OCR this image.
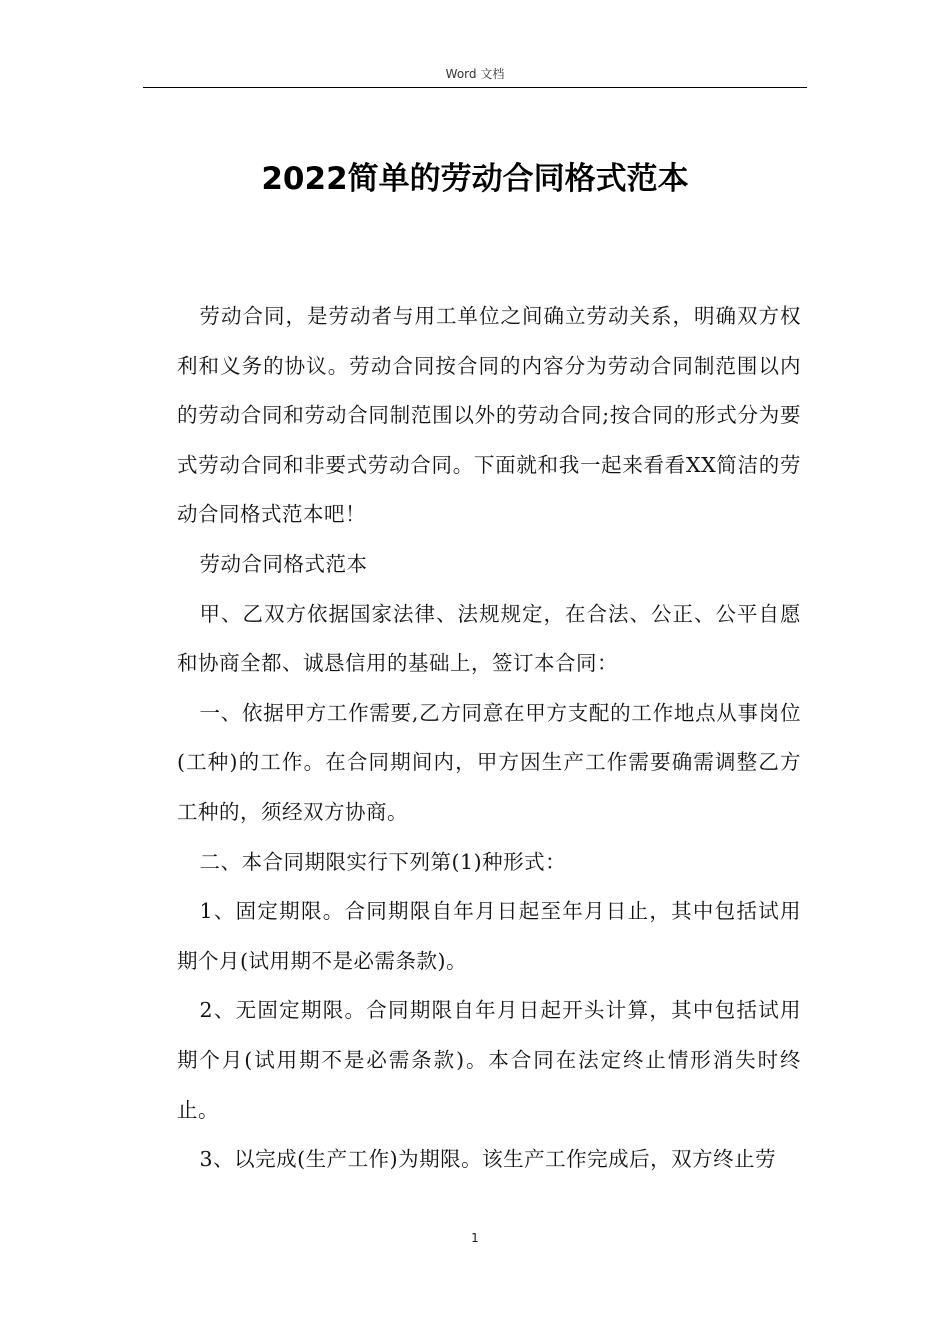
Word 文档
2022简单的劳动合同格式范本

劳动合同，是劳动者与用工单位之间确立劳动关系，明确双方权利和义务的协议。劳动合同按合同的内容分为劳动合同制范围以内的劳动合同和劳动合同制范围以外的劳动合同;按合同的形式分为要式劳动合同和非要式劳动合同。下面就和我一起来看看XX简洁的劳动合同格式范本吧！

劳动合同格式范本

甲、乙双方依据国家法律、法规规定，在合法、公正、公平自愿和协商全都、诚恳信用的基础上，签订本合同：

一、依据甲方工作需要,乙方同意在甲方支配的工作地点从事岗位(工种)的工作。在合同期间内，甲方因生产工作需要确需调整乙方工种的，须经双方协商。

二、本合同期限实行下列第(1)种形式：

1、固定期限。合同期限自年月日起至年月日止，其中包括试用期个月(试用期不是必需条款)。

2、无固定期限。合同期限自年月日起开头计算，其中包括试用期个月(试用期不是必需条款)。本合同在法定终止情形消失时终止。

3、以完成(生产工作)为期限。该生产工作完成后，双方终止劳

1
